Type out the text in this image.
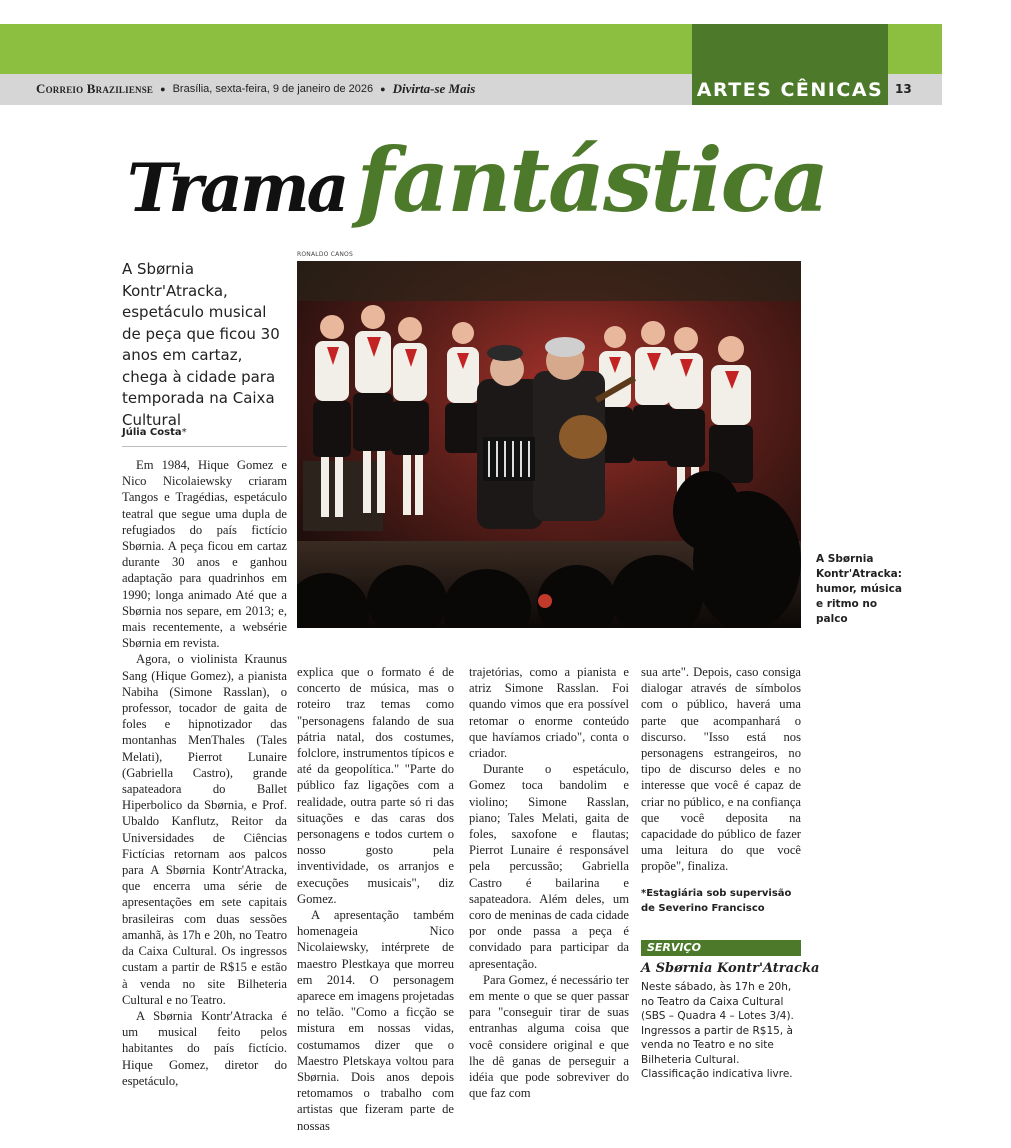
ARTES CÊNICAS 13
Correio Braziliense ● Brasília, sexta-feira, 9 de janeiro de 2026 ● Divirta-se Mais
Trama fantástica
A Sbørnia Kontr'Atracka, espetáculo musical de peça que ficou 30 anos em cartaz, chega à cidade para temporada na Caixa Cultural
Júlia Costa*
RONALDO CANOS
A Sbørnia Kontr'Atracka: humor, música e ritmo no palco

Em 1984, Hique Gomez e Nico Nicolaiewsky criaram Tangos e Tragédias, espetáculo teatral que segue uma dupla de refugiados do país fictício Sbørnia. A peça ficou em cartaz durante 30 anos e ganhou adaptação para quadrinhos em 1990; longa animado Até que a Sbørnia nos separe, em 2013; e, mais recentemente, a websérie Sbørnia em revista.

Agora, o violinista Kraunus Sang (Hique Gomez), a pianista Nabiha (Simone Rasslan), o professor, tocador de gaita de foles e hipnotizador das montanhas MenThales (Tales Melati), Pierrot Lunaire (Gabriella Castro), grande sapateadora do Ballet Hiperbolico da Sbørnia, e Prof. Ubaldo Kanflutz, Reitor da Universidades de Ciências Fictícias retornam aos palcos para A Sbørnia Kontr'Atracka, que encerra uma série de apresentações em sete capitais brasileiras com duas sessões amanhã, às 17h e 20h, no Teatro da Caixa Cultural. Os ingressos custam a partir de R$15 e estão à venda no site Bilheteria Cultural e no Teatro.

A Sbørnia Kontr'Atracka é um musical feito pelos habitantes do país fictício. Hique Gomez, diretor do espetáculo,

explica que o formato é de concerto de música, mas o roteiro traz temas como "personagens falando de sua pátria natal, dos costumes, folclore, instrumentos típicos e até da geopolítica." "Parte do público faz ligações com a realidade, outra parte só ri das situações e das caras dos personagens e todos curtem o nosso gosto pela inventividade, os arranjos e execuções musicais", diz Gomez.

A apresentação também homenageia Nico Nicolaiewsky, intérprete de maestro Plestkaya que morreu em 2014. O personagem aparece em imagens projetadas no telão. "Como a ficção se mistura em nossas vidas, costumamos dizer que o Maestro Pletskaya voltou para Sbørnia. Dois anos depois retomamos o trabalho com artistas que fizeram parte de nossas

trajetórias, como a pianista e atriz Simone Rasslan. Foi quando vimos que era possível retomar o enorme conteúdo que havíamos criado", conta o criador.

Durante o espetáculo, Gomez toca bandolim e violino; Simone Rasslan, piano; Tales Melati, gaita de foles, saxofone e flautas; Pierrot Lunaire é responsável pela percussão; Gabriella Castro é bailarina e sapateadora. Além deles, um coro de meninas de cada cidade por onde passa a peça é convidado para participar da apresentação.

Para Gomez, é necessário ter em mente o que se quer passar para "conseguir tirar de suas entranhas alguma coisa que você considere original e que lhe dê ganas de perseguir a idéia que pode sobreviver do que faz com

sua arte". Depois, caso consiga dialogar através de símbolos com o público, haverá uma parte que acompanhará o discurso. "Isso está nos personagens estrangeiros, no tipo de discurso deles e no interesse que você é capaz de criar no público, e na confiança que você deposita na capacidade do público de fazer uma leitura do que você propõe", finaliza.

*Estagiária sob supervisão de Severino Francisco
SERVIÇO
A Sbørnia Kontr'Atracka
Neste sábado, às 17h e 20h, no Teatro da Caixa Cultural (SBS – Quadra 4 – Lotes 3/4). Ingressos a partir de R$15, à venda no Teatro e no site Bilheteria Cultural. Classificação indicativa livre.
